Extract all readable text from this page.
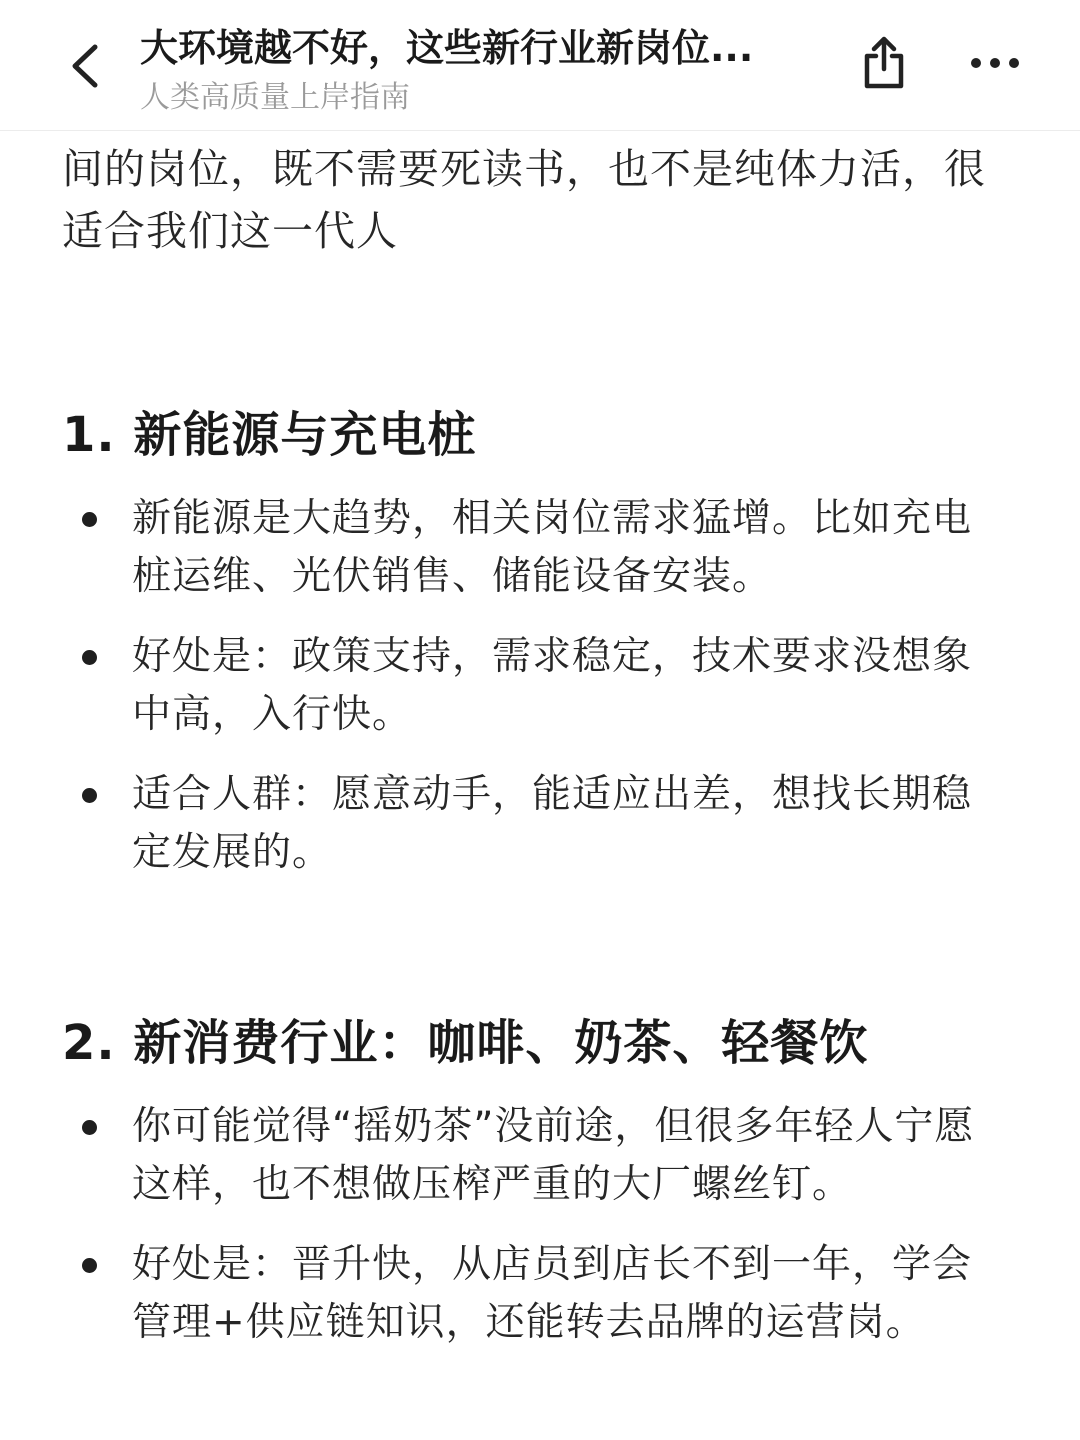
大环境越不好，这些新行业新岗位...
人类高质量上岸指南

间的岗位，既不需要死读书，也不是纯体力活，很适合我们这一代人

1. 新能源与充电桩
新能源是大趋势，相关岗位需求猛增。比如充电桩运维、光伏销售、储能设备安装。
好处是：政策支持，需求稳定，技术要求没想象中高，入行快。
适合人群：愿意动手，能适应出差，想找长期稳定发展的。
2. 新消费行业：咖啡、奶茶、轻餐饮
你可能觉得“摇奶茶”没前途，但很多年轻人宁愿这样，也不想做压榨严重的大厂螺丝钉。
好处是：晋升快，从店员到店长不到一年，学会管理+供应链知识，还能转去品牌的运营岗。
